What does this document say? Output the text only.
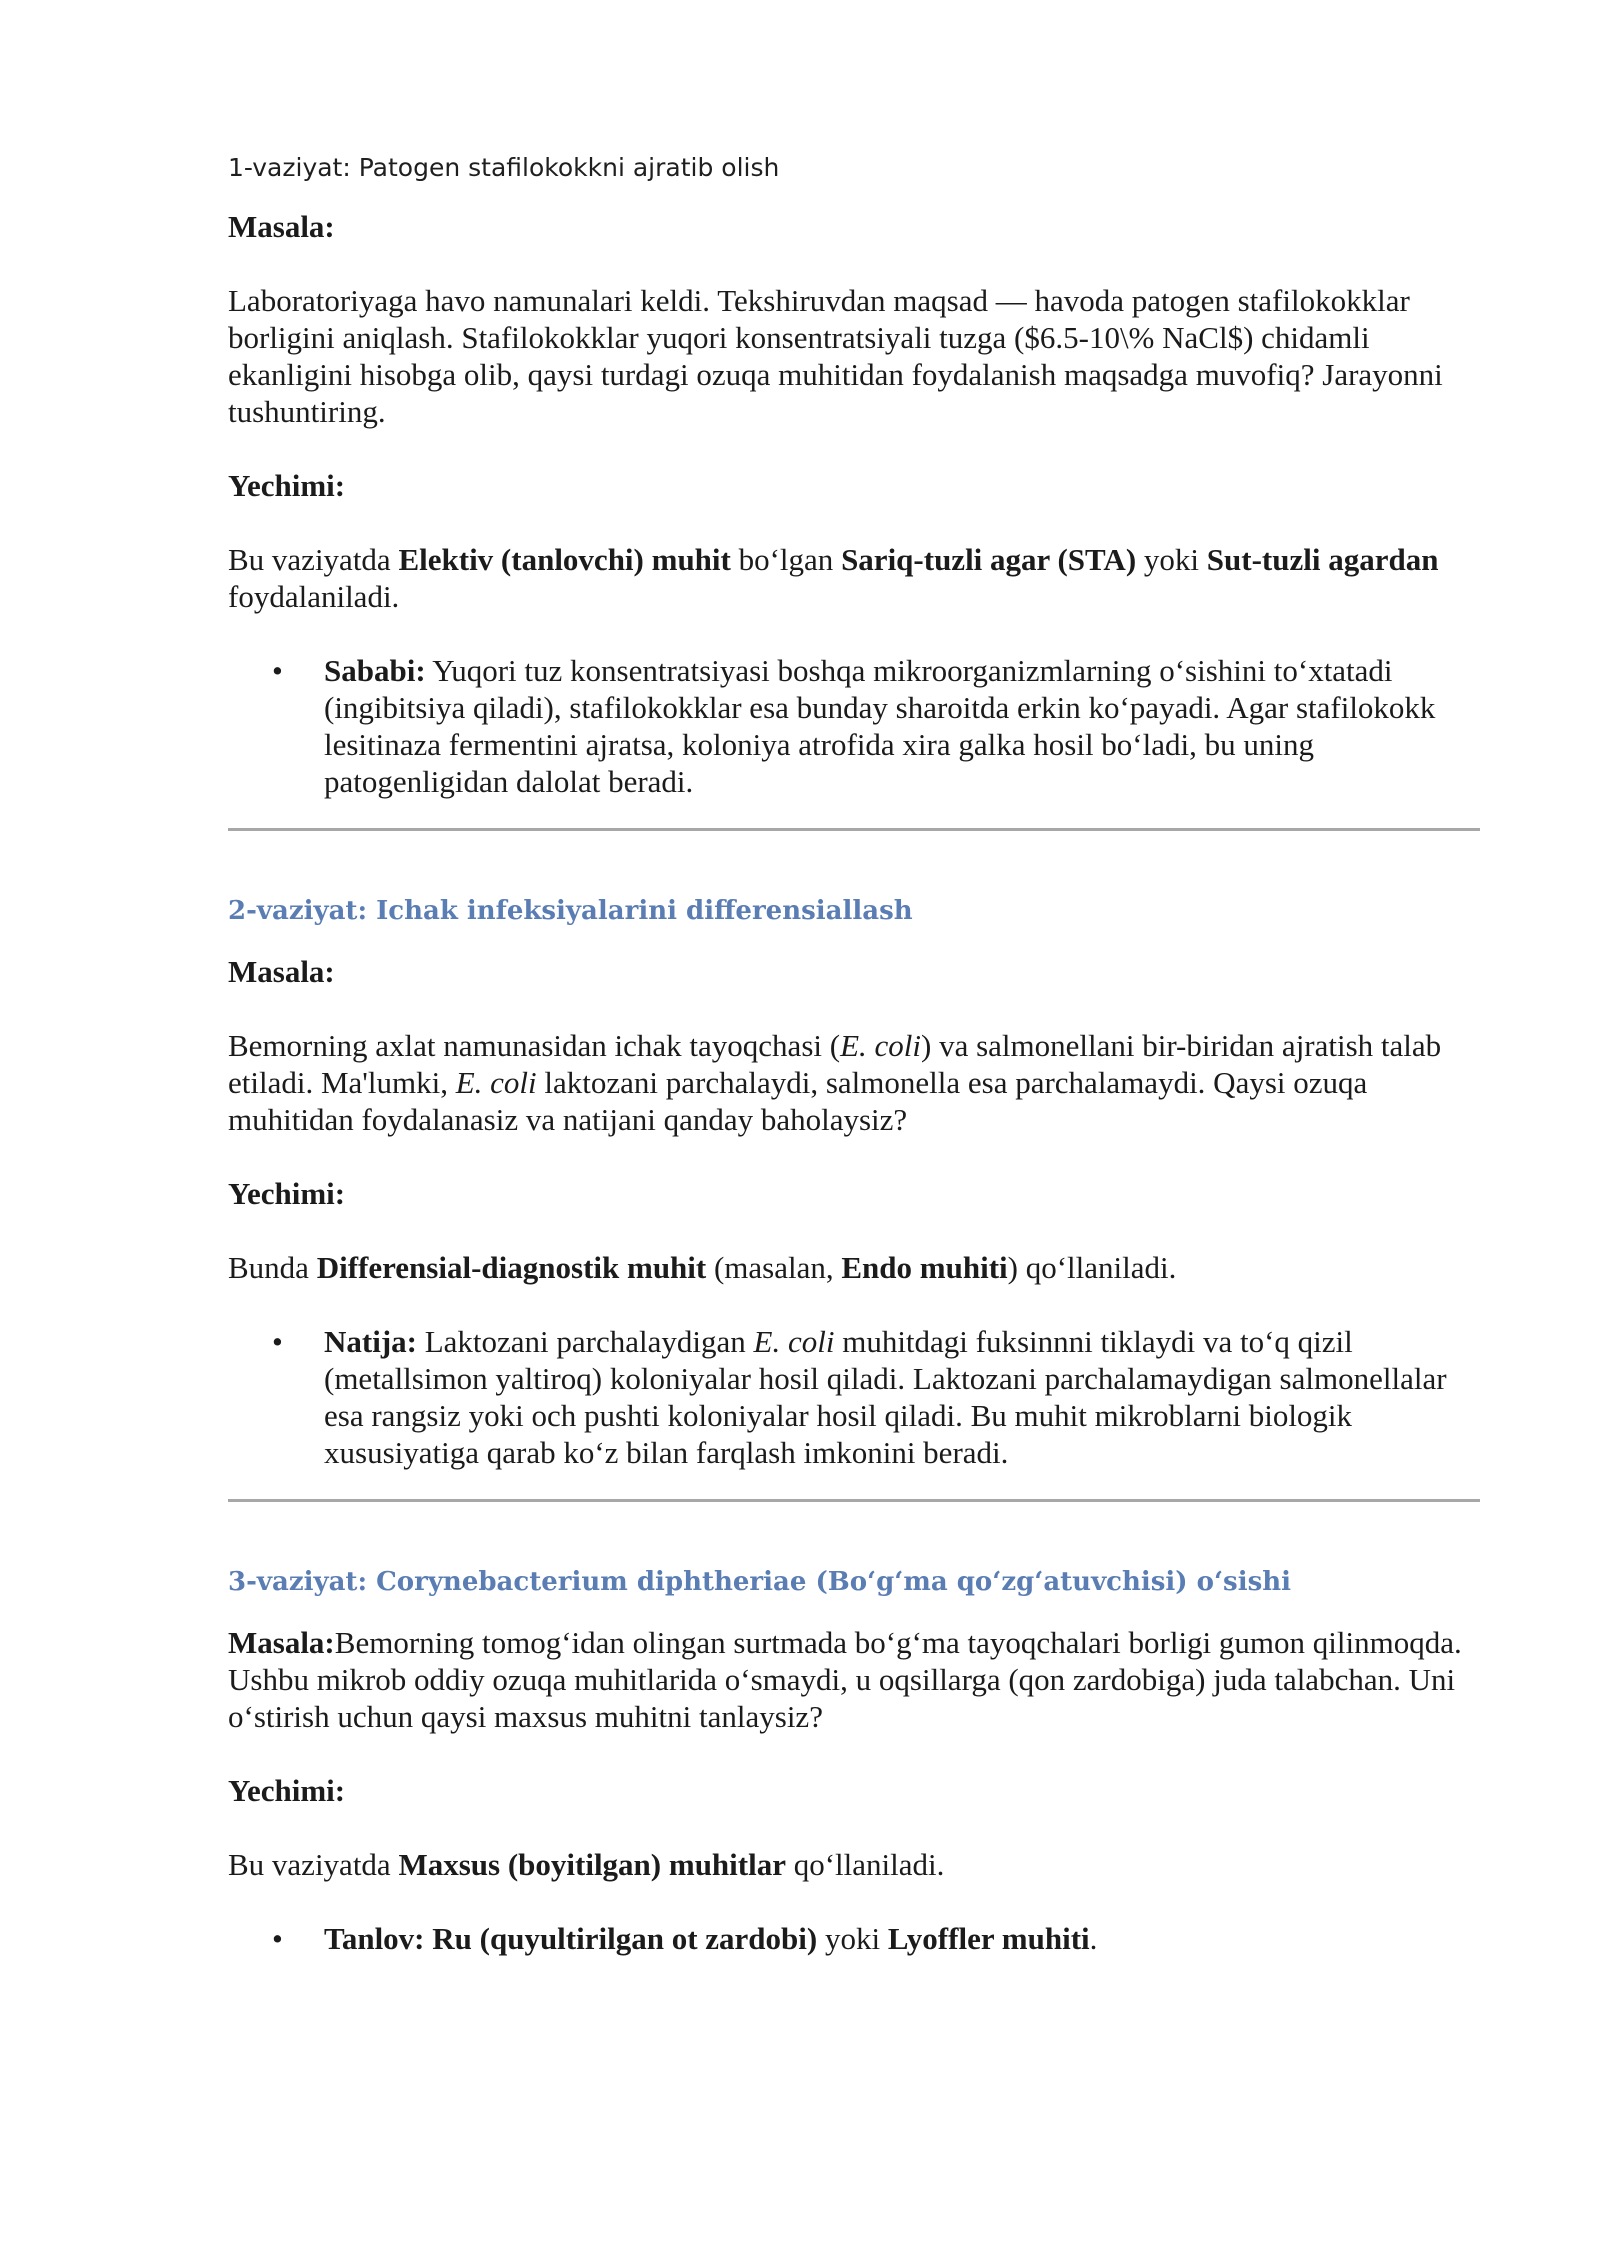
1-vaziyat: Patogen stafilokokkni ajratib olish
Masala:

Laboratoriyaga havo namunalari keldi. Tekshiruvdan maqsad — havoda patogen stafilokokklar borligini aniqlash. Stafilokokklar yuqori konsentratsiyali tuzga ($6.5-10\% NaCl$) chidamli ekanligini hisobga olib, qaysi turdagi ozuqa muhitidan foydalanish maqsadga muvofiq? Jarayonni tushuntiring.

Yechimi:

Bu vaziyatda Elektiv (tanlovchi) muhit bo‘lgan Sariq-tuzli agar (STA) yoki Sut-tuzli agardan foydalaniladi.

• Sababi: Yuqori tuz konsentratsiyasi boshqa mikroorganizmlarning o‘sishini to‘xtatadi (ingibitsiya qiladi), stafilokokklar esa bunday sharoitda erkin ko‘payadi. Agar stafilokokk lesitinaza fermentini ajratsa, koloniya atrofida xira galka hosil bo‘ladi, bu uning patogenligidan dalolat beradi.
2-vaziyat: Ichak infeksiyalarini differensiallash
Masala:

Bemorning axlat namunasidan ichak tayoqchasi (E. coli) va salmonellani bir-biridan ajratish talab etiladi. Ma'lumki, E. coli laktozani parchalaydi, salmonella esa parchalamaydi. Qaysi ozuqa muhitidan foydalanasiz va natijani qanday baholaysiz?

Yechimi:

Bunda Differensial-diagnostik muhit (masalan, Endo muhiti) qo‘llaniladi.

• Natija: Laktozani parchalaydigan E. coli muhitdagi fuksinnni tiklaydi va to‘q qizil (metallsimon yaltiroq) koloniyalar hosil qiladi. Laktozani parchalamaydigan salmonellalar esa rangsiz yoki och pushti koloniyalar hosil qiladi. Bu muhit mikroblarni biologik xususiyatiga qarab ko‘z bilan farqlash imkonini beradi.
3-vaziyat: Corynebacterium diphtheriae (Bo‘g‘ma qo‘zg‘atuvchisi) o‘sishi

Masala:Bemorning tomog‘idan olingan surtmada bo‘g‘ma tayoqchalari borligi gumon qilinmoqda. Ushbu mikrob oddiy ozuqa muhitlarida o‘smaydi, u oqsillarga (qon zardobiga) juda talabchan. Uni o‘stirish uchun qaysi maxsus muhitni tanlaysiz?

Yechimi:

Bu vaziyatda Maxsus (boyitilgan) muhitlar qo‘llaniladi.

• Tanlov: Ru (quyultirilgan ot zardobi) yoki Lyoffler muhiti.
